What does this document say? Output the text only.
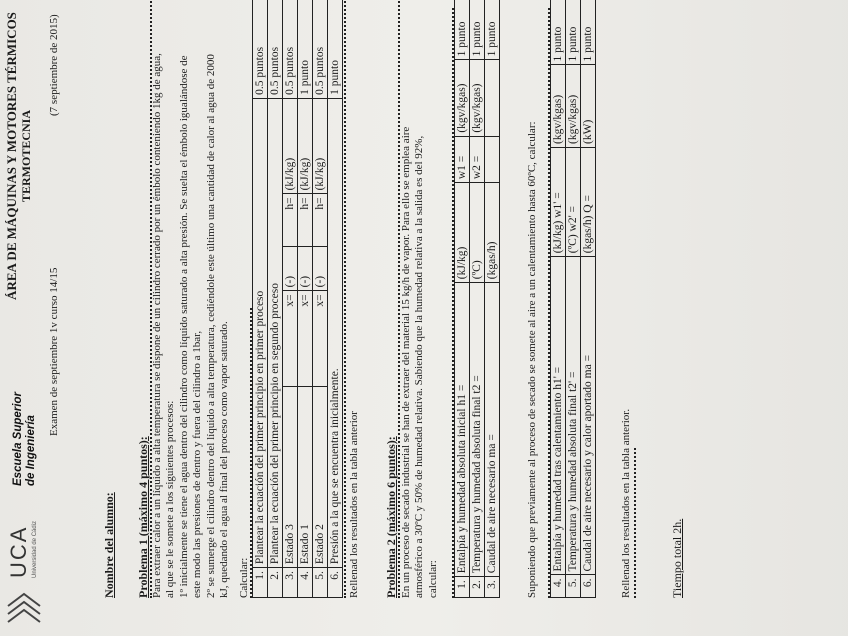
UCA Universidad de Cádiz
Escuela Superior de Ingeniería
ÁREA DE MÁQUINAS Y MOTORES TÉRMICOS TERMOTECNIA
Examen de septiembre 1v curso 14/15
(7 septiembre de 2015)
Nombre del alumno: Problema 1 (máximo 4 puntos): Para extraer calor a un líquido a alta temperatura se dispone de un cilindro cerrado por un émbolo conteniendo 1kg de agua, al que se le somete a los siguientes procesos: 1º inicialmente se tiene el agua dentro del cilindro como líquido saturado a alta presión. Se suelta el émbolo igualándose de este modo las presiones de dentro y fuera del cilindro a 1bar, 2º se sumerge el cilindro dentro del líquido a alta temperatura, cediéndole este último una cantidad de calor al agua de 2000 kJ, quedando el agua al final del proceso como vapor saturado. Calcular: 1.	Plantear la ecuación del primer principio en primer proceso					0.5 puntos
2.	Plantear la ecuación del primer principio en segundo proceso					0.5 puntos
3.	Estado 3	x=	(-)	h=	(kJ/kg)	0.5 puntos
4.	Estado 1	x=	(-)	h=	(kJ/kg)	1 punto
5.	Estado 2	x=	(-)	h=	(kJ/kg)	0.5 puntos
6.	Presión a la que se encuentra inicialmente.					1 punto
Rellenad los resultados en la tabla anterior Problema 2 (máximo 6 puntos): En un proceso de secado industrial se han de extraer del material 15 kg/h de vapor. Para ello se emplea aire atmosférico a 30ºC y 50% de humedad relativa. Sabiendo que la humedad relativa a la salida es del 92%, calcular: 1.	Entalpía y humedad absoluta inicial h1 =	(kJ/kg)	w1 =	(kgv/kgas)	1 punto
2.	Temperatura y humedad absoluta final t2 =	(ºC)	w2 =	(kgv/kgas)	1 punto
3.	Caudal de aire necesario ma =	(kgas/h)			1 punto
Suponiendo que previamente al proceso de secado se somete al aire a un calentamiento hasta 60ºC, calcular: 4.	Entalpía y humedad tras calentamiento h1' =	(kJ/kg) w1' =	(kgv/kgas)	1 punto
5.	Temperatura y humedad absoluta final t2' =	(ºC) w2' =	(kgv/kgas)	1 punto
6.	Caudal de aire necesario y calor aportado ma =	(kgas/h) Q =	(kW)	1 punto
Rellenad los resultados en la tabla anterior.	Tiempo total 2h.
